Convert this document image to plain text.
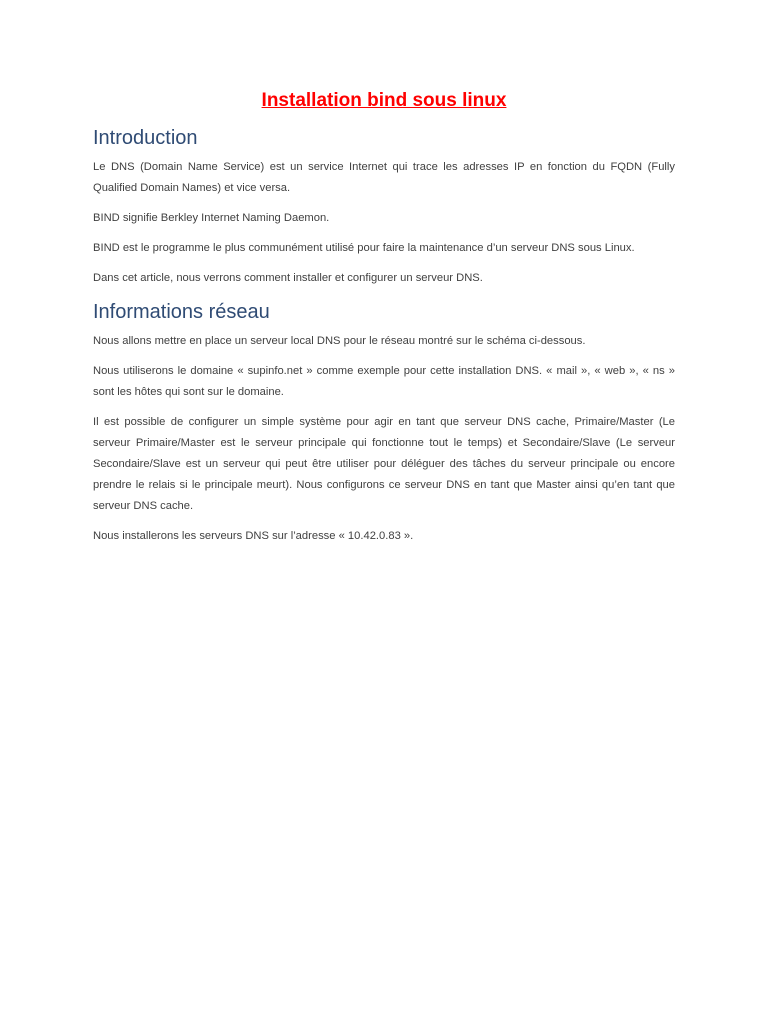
Installation bind sous linux
Introduction

Le DNS (Domain Name Service) est un service Internet qui trace les adresses IP en fonction du FQDN (Fully Qualified Domain Names) et vice versa.

BIND signifie Berkley Internet Naming Daemon.

BIND est le programme le plus communément utilisé pour faire la maintenance d’un serveur DNS sous Linux.

Dans cet article, nous verrons comment installer et configurer un serveur DNS.

Informations réseau

Nous allons mettre en place un serveur local DNS pour le réseau montré sur le schéma ci-dessous.

Nous utiliserons le domaine « supinfo.net » comme exemple pour cette installation DNS. « mail », « web », « ns » sont les hôtes qui sont sur le domaine.

Il est possible de configurer un simple système pour agir en tant que serveur DNS cache, Primaire/Master (Le serveur Primaire/Master est le serveur principale qui fonctionne tout le temps) et Secondaire/Slave (Le serveur Secondaire/Slave est un serveur qui peut être utiliser pour déléguer des tâches du serveur principale ou encore prendre le relais si le principale meurt). Nous configurons ce serveur DNS en tant que Master ainsi qu’en tant que serveur DNS cache.

Nous installerons les serveurs DNS sur l’adresse « 10.42.0.83 ».
